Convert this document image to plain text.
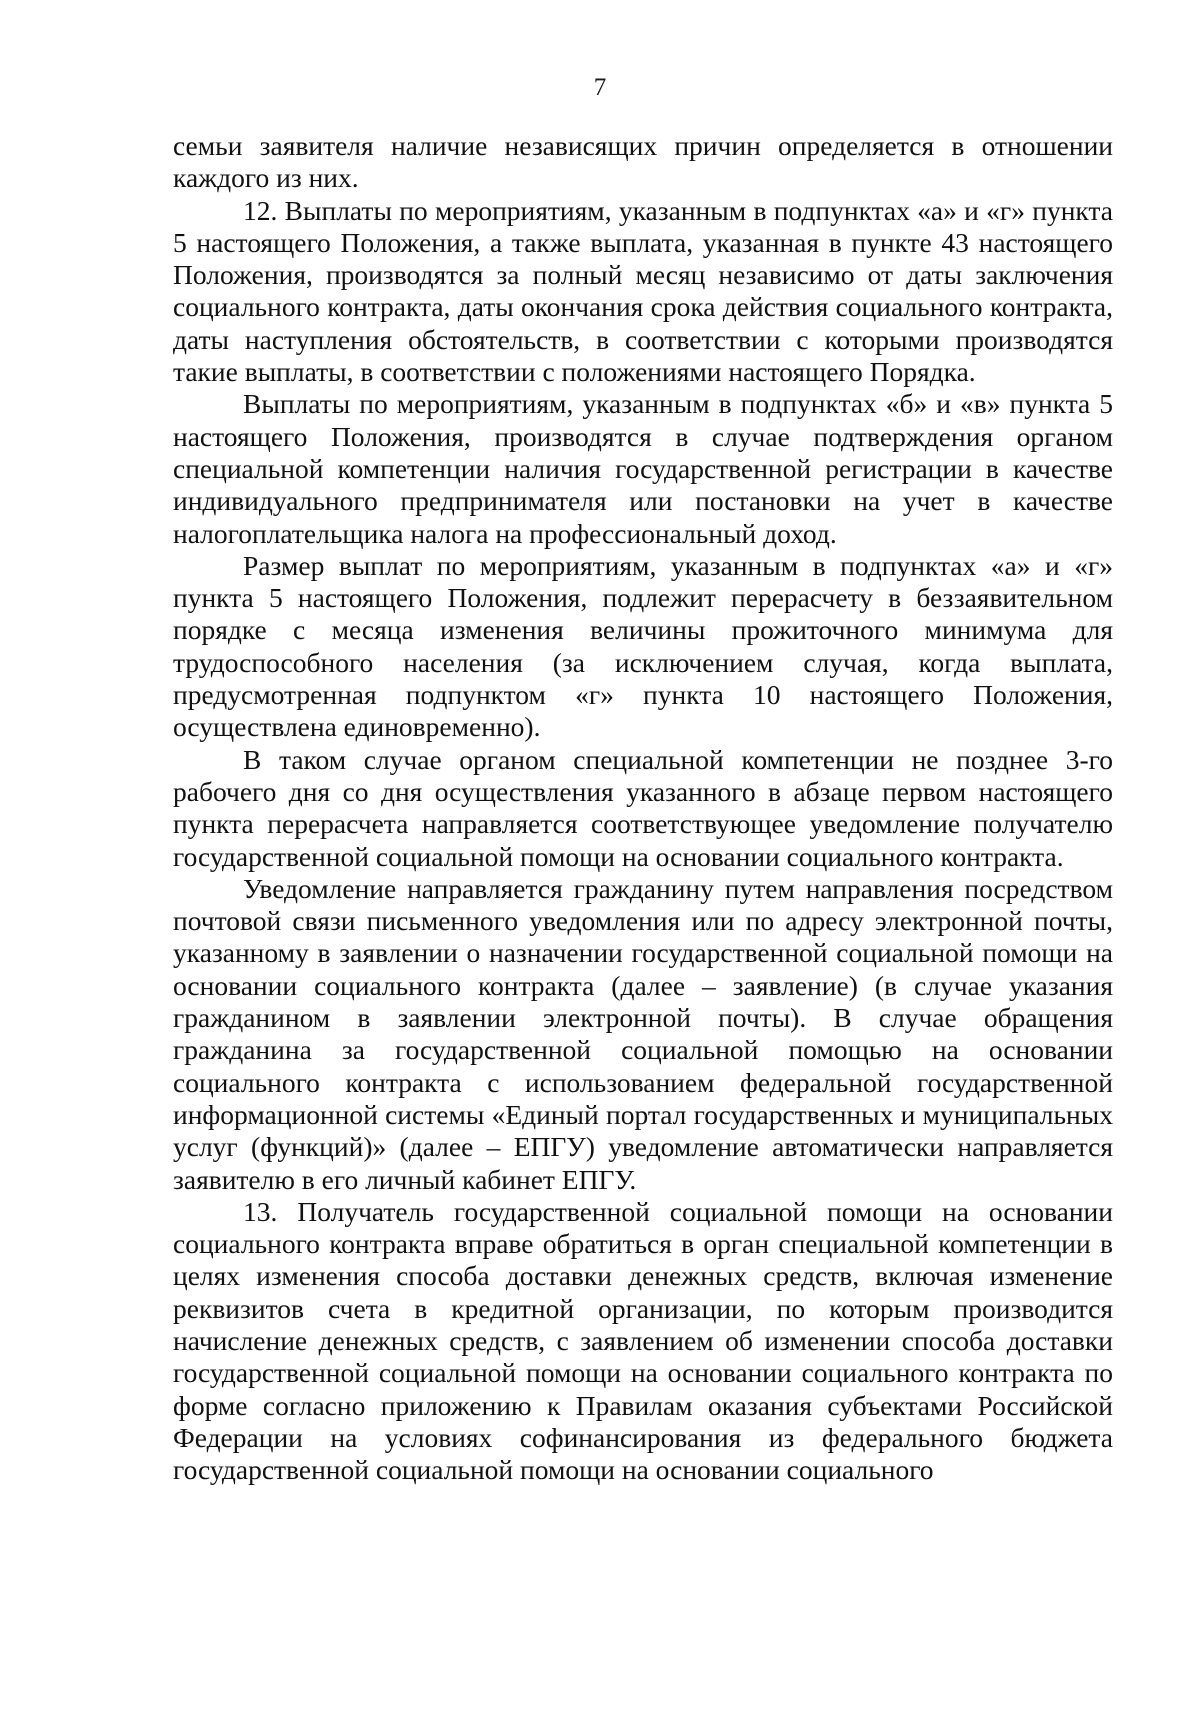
7

семьи заявителя наличие независящих причин определяется в отношении каждого из них.

12. Выплаты по мероприятиям, указанным в подпунктах «а» и «г» пункта 5 настоящего Положения, а также выплата, указанная в пункте 43 настоящего Положения, производятся за полный месяц независимо от даты заключения социального контракта, даты окончания срока действия социального контракта, даты наступления обстоятельств, в соответствии с которыми производятся такие выплаты, в соответствии с положениями настоящего Порядка.

Выплаты по мероприятиям, указанным в подпунктах «б» и «в» пункта 5 настоящего Положения, производятся в случае подтверждения органом специальной компетенции наличия государственной регистрации в качестве индивидуального предпринимателя или постановки на учет в качестве налогоплательщика налога на профессиональный доход.

Размер выплат по мероприятиям, указанным в подпунктах «а» и «г» пункта 5 настоящего Положения, подлежит перерасчету в беззаявительном порядке с месяца изменения величины прожиточного минимума для трудоспособного населения (за исключением случая, когда выплата, предусмотренная подпунктом «г» пункта 10 настоящего Положения, осуществлена единовременно).

В таком случае органом специальной компетенции не позднее 3-го рабочего дня со дня осуществления указанного в абзаце первом настоящего пункта перерасчета направляется соответствующее уведомление получателю государственной социальной помощи на основании социального контракта.

Уведомление направляется гражданину путем направления посредством почтовой связи письменного уведомления или по адресу электронной почты, указанному в заявлении о назначении государственной социальной помощи на основании социального контракта (далее – заявление) (в случае указания гражданином в заявлении электронной почты). В случае обращения гражданина за государственной социальной помощью на основании социального контракта с использованием федеральной государственной информационной системы «Единый портал государственных и муниципальных услуг (функций)» (далее – ЕПГУ) уведомление автоматически направляется заявителю в его личный кабинет ЕПГУ.

13. Получатель государственной социальной помощи на основании социального контракта вправе обратиться в орган специальной компетенции в целях изменения способа доставки денежных средств, включая изменение реквизитов счета в кредитной организации, по которым производится начисление денежных средств, с заявлением об изменении способа доставки государственной социальной помощи на основании социального контракта по форме согласно приложению к Правилам оказания субъектами Российской Федерации на условиях софинансирования из федерального бюджета государственной социальной помощи на основании социального
